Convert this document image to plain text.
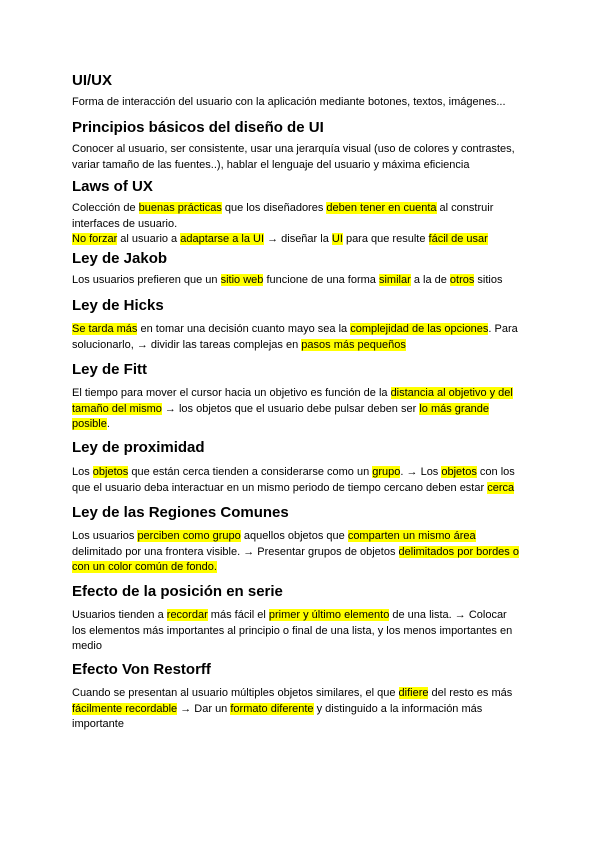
UI/UX
Forma de interacción del usuario con la aplicación mediante botones, textos, imágenes...
Principios básicos del diseño de UI
Conocer al usuario, ser consistente, usar una jerarquía visual (uso de colores y contrastes,
variar tamaño de las fuentes..), hablar el lenguaje del usuario y máxima eficiencia
Laws of UX
Colección de buenas prácticas que los diseñadores deben tener en cuenta al construir
interfaces de usuario.
No forzar al usuario a adaptarse a la UI → diseñar la UI para que resulte fácil de usar
Ley de Jakob
Los usuarios prefieren que un sitio web funcione de una forma similar a la de otros sitios
Ley de Hicks
Se tarda más en tomar una decisión cuanto mayo sea la complejidad de las opciones. Para
solucionarlo, → dividir las tareas complejas en pasos más pequeños
Ley de Fitt
El tiempo para mover el cursor hacia un objetivo es función de la distancia al objetivo y del
tamaño del mismo → los objetos que el usuario debe pulsar deben ser lo más grande
posible.
Ley de proximidad
Los objetos que están cerca tienden a considerarse como un grupo. → Los objetos con los
que el usuario deba interactuar en un mismo periodo de tiempo cercano deben estar cerca
Ley de las Regiones Comunes
Los usuarios perciben como grupo aquellos objetos que comparten un mismo área
delimitado por una frontera visible. → Presentar grupos de objetos delimitados por bordes o
con un color común de fondo.
Efecto de la posición en serie
Usuarios tienden a recordar más fácil el primer y último elemento de una lista. → Colocar
los elementos más importantes al principio o final de una lista, y los menos importantes en
medio
Efecto Von Restorff
Cuando se presentan al usuario múltiples objetos similares, el que difiere del resto es más
fácilmente recordable → Dar un formato diferente y distinguido a la información más
importante
